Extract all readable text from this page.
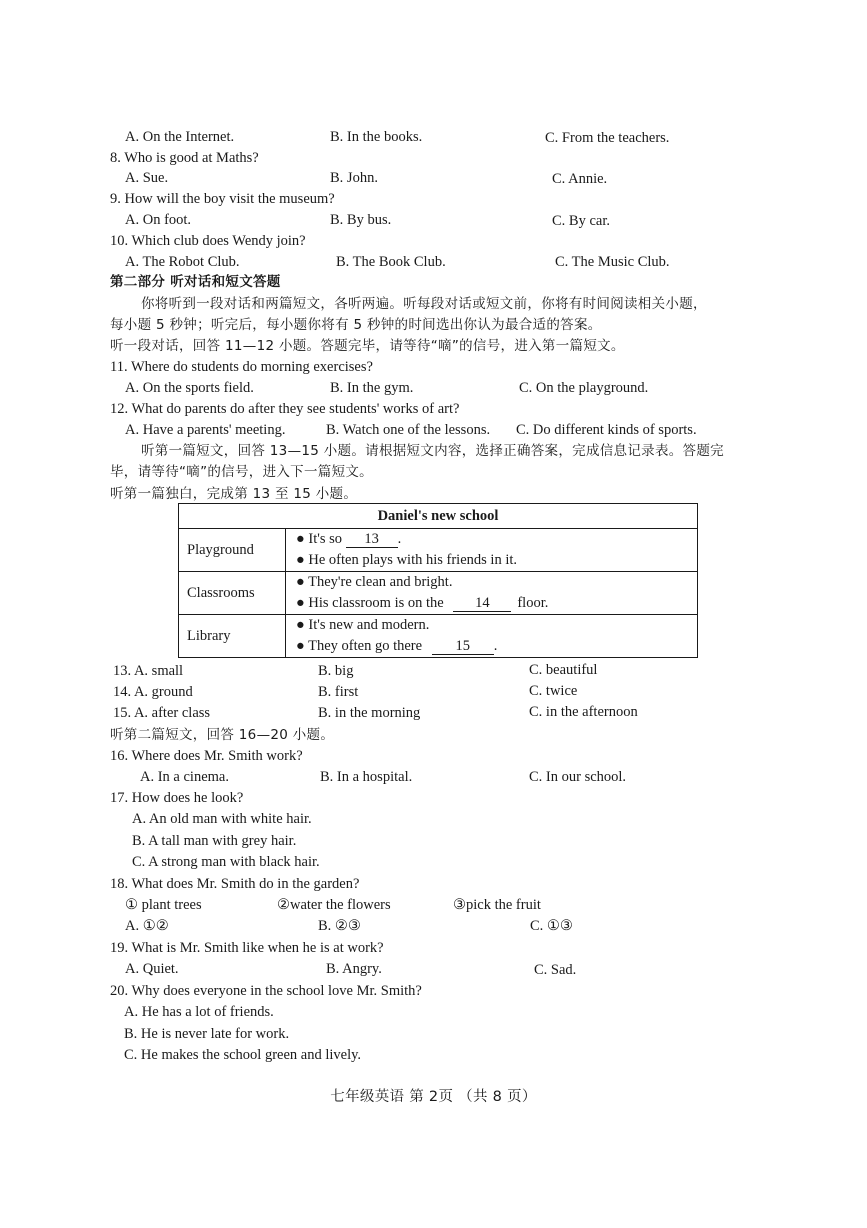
A. On the Internet.	B. In the books.	C. From the teachers.
8. Who is good at Maths?
A. Sue.	B. John.	C. Annie.
9. How will the boy visit the museum?
A. On foot.	B. By bus.	C. By car.
10. Which club does Wendy join?
A. The Robot Club.	B. The Book Club.	C. The Music Club.
第二部分 听对话和短文答题
你将听到一段对话和两篇短文，各听两遍。听每段对话或短文前，你将有时间阅读相关小题，
每小题 5 秒钟；听完后，每小题你将有 5 秒钟的时间选出你认为最合适的答案。
听一段对话，回答 11—12 小题。答题完毕，请等待“嘀”的信号，进入第一篇短文。
11. Where do students do morning exercises?
A. On the sports field.	B. In the gym.	C. On the playground.
12. What do parents do after they see students' works of art?
A. Have a parents' meeting.	B. Watch one of the lessons. C. Do different kinds of sports.
听第一篇短文，回答 13—15 小题。请根据短文内容，选择正确答案，完成信息记录表。答题完
毕，请等待“嘀”的信号，进入下一篇短文。
听第一篇独白，完成第 13 至 15 小题。
Daniel's new school	
Playground	● It's so 13 .
● He often plays with his friends in it.

Classrooms	● They're clean and bright.
● His classroom is on the 14 floor.

Library	● It's new and modern.
● They often go there 15 .
13. A. small	B. big	C. beautiful
14. A. ground	B. first	C. twice
15. A. after class	B. in the morning	C. in the afternoon
听第二篇短文，回答 16—20 小题。
16. Where does Mr. Smith work?
A. In a cinema.	B. In a hospital.	C. In our school.
17. How does he look?
A. An old man with white hair.
B. A tall man with grey hair.
C. A strong man with black hair.
18. What does Mr. Smith do in the garden?
① plant trees	②water the flowers	③pick the fruit
A. ①②	B. ②③	C. ①③
19. What is Mr. Smith like when he is at work?
A. Quiet.	B. Angry.	C. Sad.
20. Why does everyone in the school love Mr. Smith?
A. He has a lot of friends.
B. He is never late for work.
C. He makes the school green and lively.
七年级英语 第 2页 （共 8 页）
